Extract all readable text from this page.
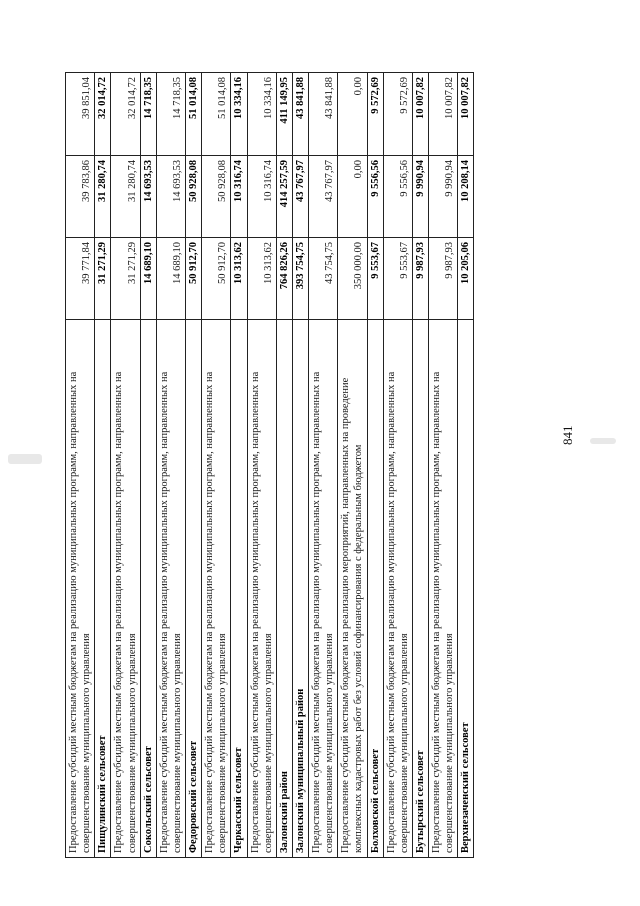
841
Предоставление субсидий местным бюджетам на реализацию муниципальных программ, направленных на совершенствование муниципального управления	39 771,84	39 783,86	39 851,04
Пищулинский сельсовет	31 271,29	31 280,74	32 014,72
Предоставление субсидий местным бюджетам на реализацию муниципальных программ, направленных на совершенствование муниципального управления	31 271,29	31 280,74	32 014,72
Сокольский сельсовет	14 689,10	14 693,53	14 718,35
Предоставление субсидий местным бюджетам на реализацию муниципальных программ, направленных на совершенствование муниципального управления	14 689,10	14 693,53	14 718,35
Федоровский сельсовет	50 912,70	50 928,08	51 014,08
Предоставление субсидий местным бюджетам на реализацию муниципальных программ, направленных на совершенствование муниципального управления	50 912,70	50 928,08	51 014,08
Черкасский сельсовет	10 313,62	10 316,74	10 334,16
Предоставление субсидий местным бюджетам на реализацию муниципальных программ, направленных на совершенствование муниципального управления	10 313,62	10 316,74	10 334,16
Залонский район	764 826,26	414 257,59	411 149,95
Залонский муниципальный район	393 754,75	43 767,97	43 841,88
Предоставление субсидий местным бюджетам на реализацию муниципальных программ, направленных на совершенствование муниципального управления	43 754,75	43 767,97	43 841,88
Предоставление субсидий местным бюджетам на реализацию мероприятий, направленных на проведение комплексных кадастровых работ без условий софинансирования с федеральным бюджетом	350 000,00	0,00	0,00
Болховской сельсовет	9 553,67	9 556,56	9 572,69
Предоставление субсидий местным бюджетам на реализацию муниципальных программ, направленных на совершенствование муниципального управления	9 553,67	9 556,56	9 572,69
Бутырский сельсовет	9 987,93	9 990,94	10 007,82
Предоставление субсидий местным бюджетам на реализацию муниципальных программ, направленных на совершенствование муниципального управления	9 987,93	9 990,94	10 007,82
Верхнезаченский сельсовет	10 205,06	10 208,14	10 007,82
